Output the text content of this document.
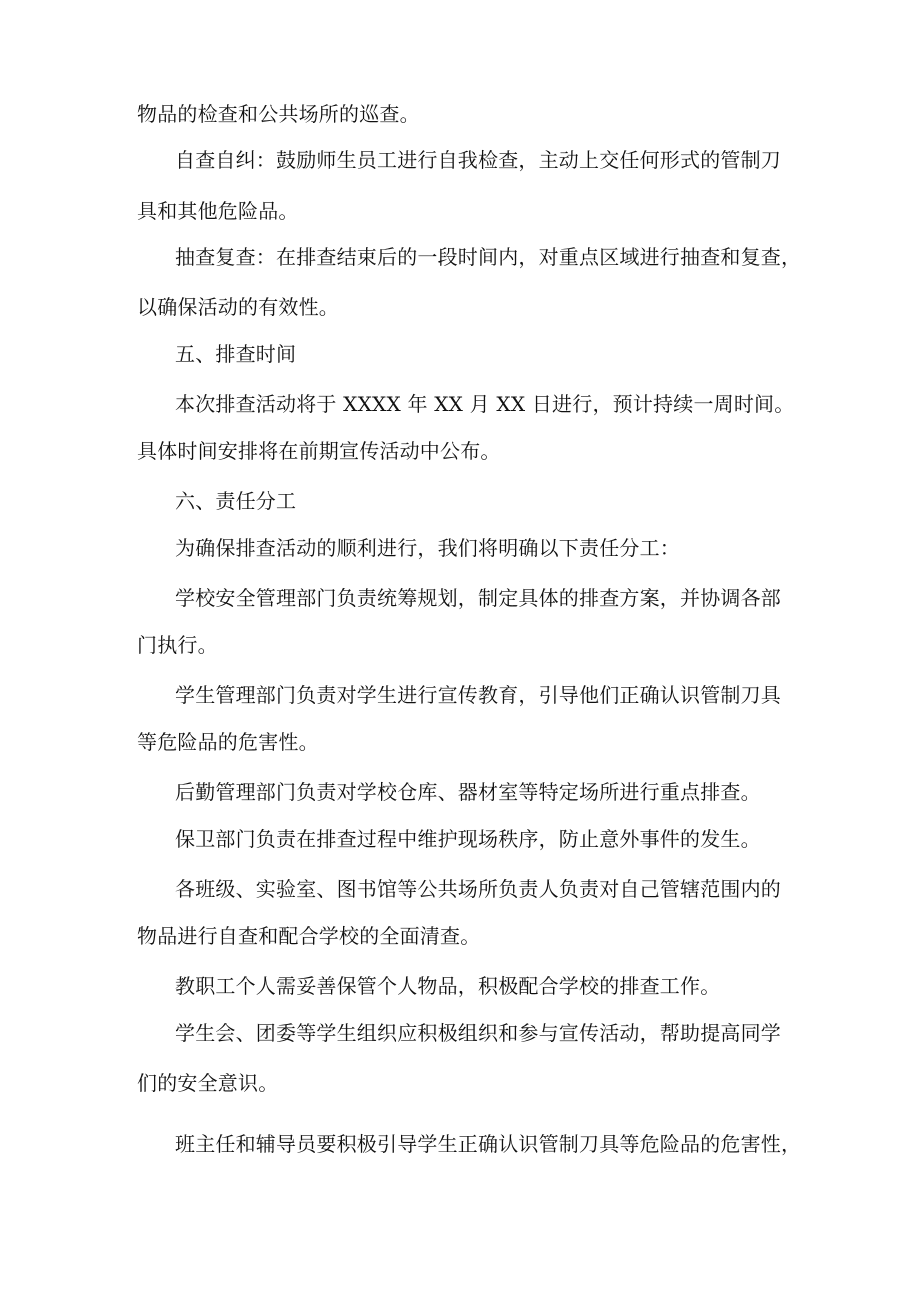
物品的检查和公共场所的巡查。
自查自纠：鼓励师生员工进行自我检查，主动上交任何形式的管制刀
具和其他危险品。
抽查复查：在排查结束后的一段时间内，对重点区域进行抽查和复查，
以确保活动的有效性。
五、排查时间
本次排查活动将于 XXXX 年 XX 月 XX 日进行，预计持续一周时间。
具体时间安排将在前期宣传活动中公布。
六、责任分工
为确保排查活动的顺利进行，我们将明确以下责任分工：
学校安全管理部门负责统筹规划，制定具体的排查方案，并协调各部
门执行。
学生管理部门负责对学生进行宣传教育，引导他们正确认识管制刀具
等危险品的危害性。
后勤管理部门负责对学校仓库、器材室等特定场所进行重点排查。
保卫部门负责在排查过程中维护现场秩序，防止意外事件的发生。
各班级、实验室、图书馆等公共场所负责人负责对自己管辖范围内的
物品进行自查和配合学校的全面清查。
教职工个人需妥善保管个人物品，积极配合学校的排查工作。
学生会、团委等学生组织应积极组织和参与宣传活动，帮助提高同学
们的安全意识。
班主任和辅导员要积极引导学生正确认识管制刀具等危险品的危害性，
